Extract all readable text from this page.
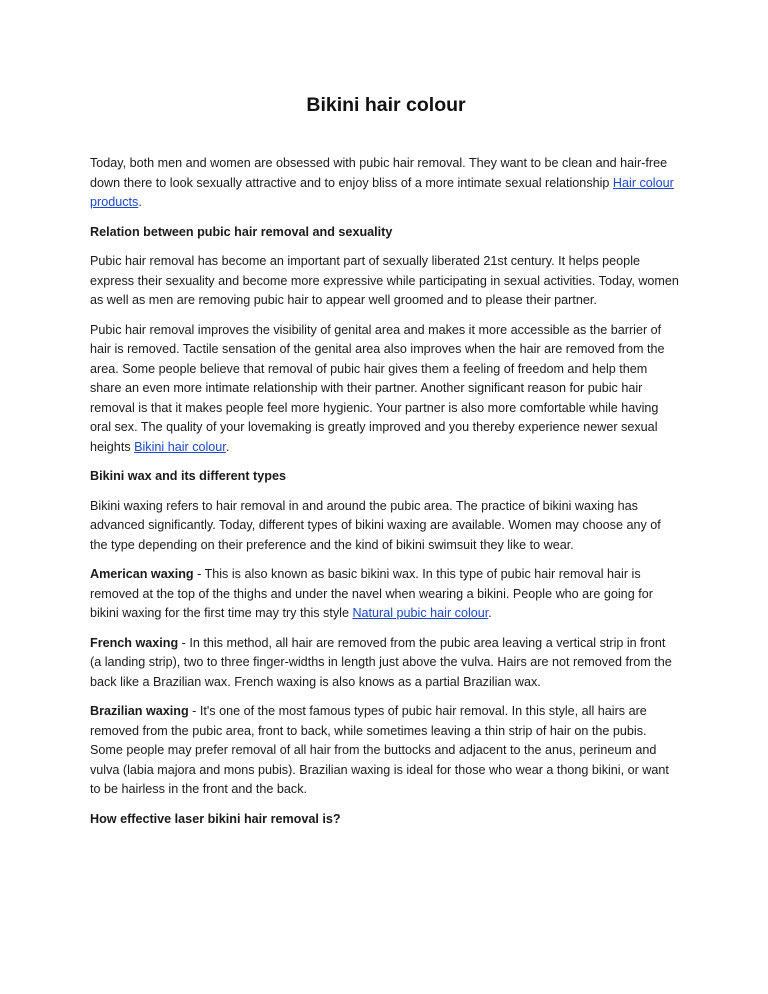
Bikini hair colour

Today, both men and women are obsessed with pubic hair removal. They want to be clean and hair-free down there to look sexually attractive and to enjoy bliss of a more intimate sexual relationship Hair colour products.

Relation between pubic hair removal and sexuality

Pubic hair removal has become an important part of sexually liberated 21st century. It helps people express their sexuality and become more expressive while participating in sexual activities. Today, women as well as men are removing pubic hair to appear well groomed and to please their partner.

Pubic hair removal improves the visibility of genital area and makes it more accessible as the barrier of hair is removed. Tactile sensation of the genital area also improves when the hair are removed from the area. Some people believe that removal of pubic hair gives them a feeling of freedom and help them share an even more intimate relationship with their partner. Another significant reason for pubic hair removal is that it makes people feel more hygienic. Your partner is also more comfortable while having oral sex. The quality of your lovemaking is greatly improved and you thereby experience newer sexual heights Bikini hair colour.

Bikini wax and its different types

Bikini waxing refers to hair removal in and around the pubic area. The practice of bikini waxing has advanced significantly. Today, different types of bikini waxing are available. Women may choose any of the type depending on their preference and the kind of bikini swimsuit they like to wear.

American waxing - This is also known as basic bikini wax. In this type of pubic hair removal hair is removed at the top of the thighs and under the navel when wearing a bikini. People who are going for bikini waxing for the first time may try this style Natural pubic hair colour.

French waxing - In this method, all hair are removed from the pubic area leaving a vertical strip in front (a landing strip), two to three finger-widths in length just above the vulva. Hairs are not removed from the back like a Brazilian wax. French waxing is also knows as a partial Brazilian wax.

Brazilian waxing - It's one of the most famous types of pubic hair removal. In this style, all hairs are removed from the pubic area, front to back, while sometimes leaving a thin strip of hair on the pubis. Some people may prefer removal of all hair from the buttocks and adjacent to the anus, perineum and vulva (labia majora and mons pubis). Brazilian waxing is ideal for those who wear a thong bikini, or want to be hairless in the front and the back.

How effective laser bikini hair removal is?
